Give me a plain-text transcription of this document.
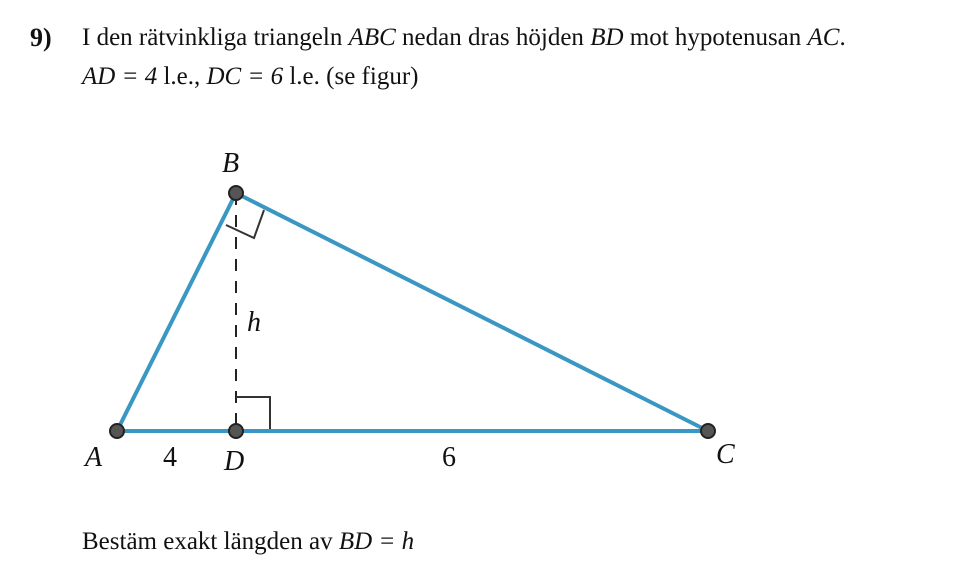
9) I den rätvinkliga triangeln ABC nedan dras höjden BD mot hypotenusan AC.
AD = 4 l.e., DC = 6 l.e. (se figur)
B
h
A 4 D	6	C
Bestäm exakt längden av BD = h
